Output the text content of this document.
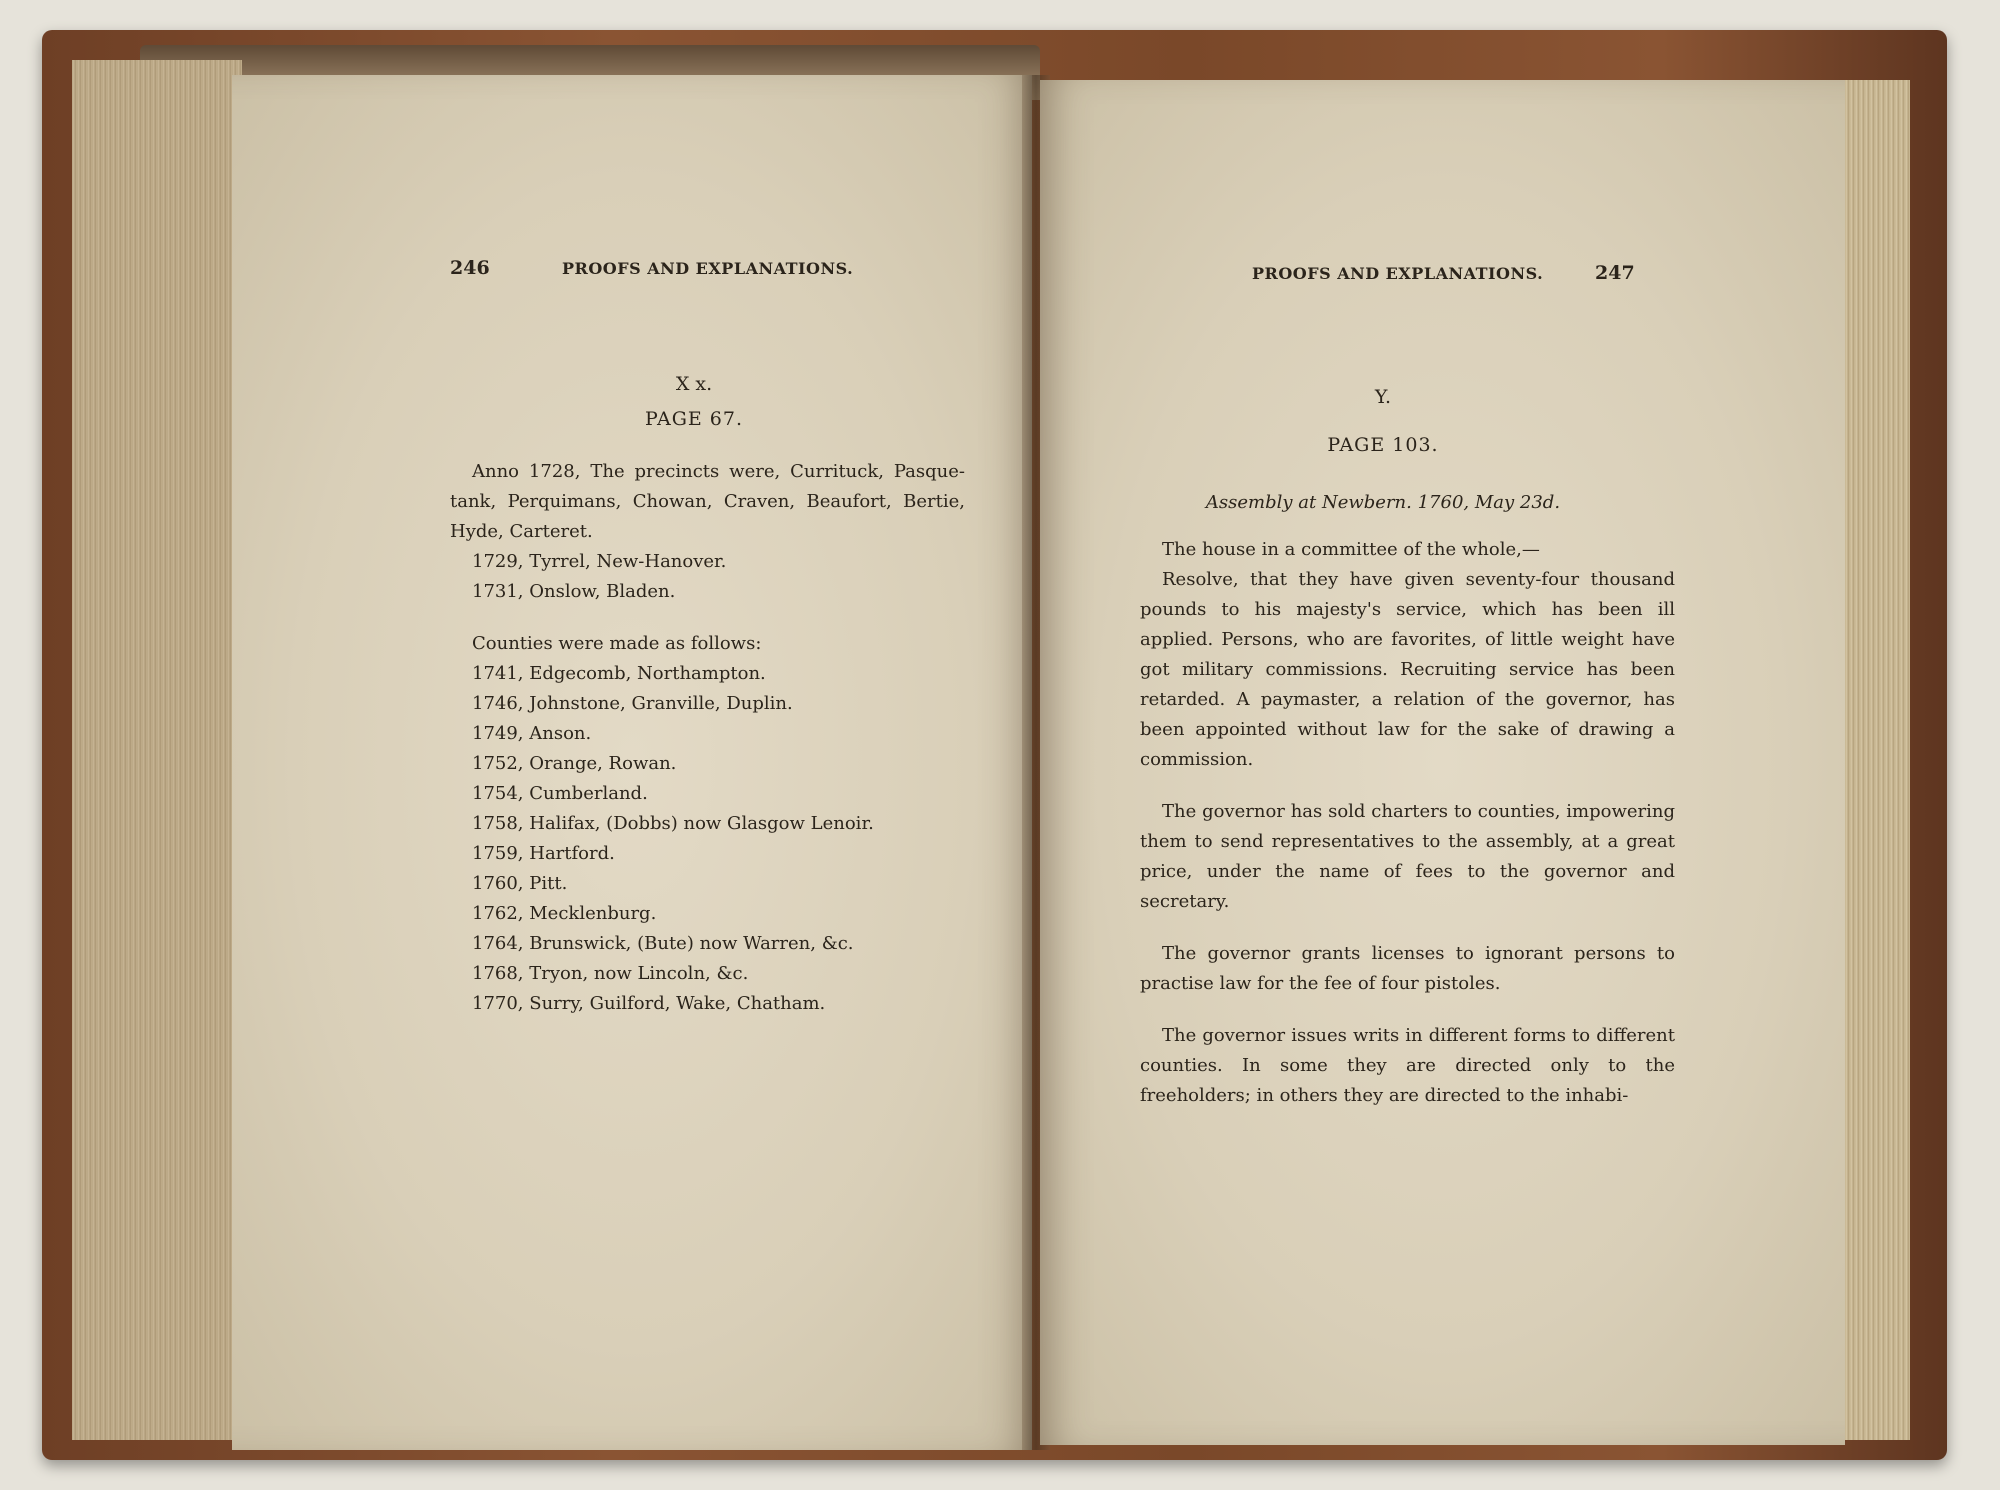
246	PROOFS AND EXPLANATIONS.
X x.
PAGE 67.

Anno 1728, The precincts were, Currituck, Pasque-tank, Perquimans, Chowan, Craven, Beaufort, Bertie, Hyde, Carteret.

1729, Tyrrel, New-Hanover.

1731, Onslow, Bladen.

Counties were made as follows:

1741, Edgecomb, Northampton.

1746, Johnstone, Granville, Duplin.

1749, Anson.

1752, Orange, Rowan.

1754, Cumberland.

1758, Halifax, (Dobbs) now Glasgow Lenoir.

1759, Hartford.

1760, Pitt.

1762, Mecklenburg.

1764, Brunswick, (Bute) now Warren, &c.

1768, Tryon, now Lincoln, &c.

1770, Surry, Guilford, Wake, Chatham.

PROOFS AND EXPLANATIONS.	247
Y.
PAGE 103.
Assembly at Newbern. 1760, May 23d.

The house in a committee of the whole,—

Resolve, that they have given seventy-four thousand pounds to his majesty's service, which has been ill applied. Persons, who are favorites, of little weight have got military commissions. Recruiting service has been retarded. A paymaster, a relation of the governor, has been appointed without law for the sake of drawing a commission.

The governor has sold charters to counties, impowering them to send representatives to the assembly, at a great price, under the name of fees to the governor and secretary.

The governor grants licenses to ignorant persons to practise law for the fee of four pistoles.

The governor issues writs in different forms to different counties. In some they are directed only to the freeholders; in others they are directed to the inhabi-
